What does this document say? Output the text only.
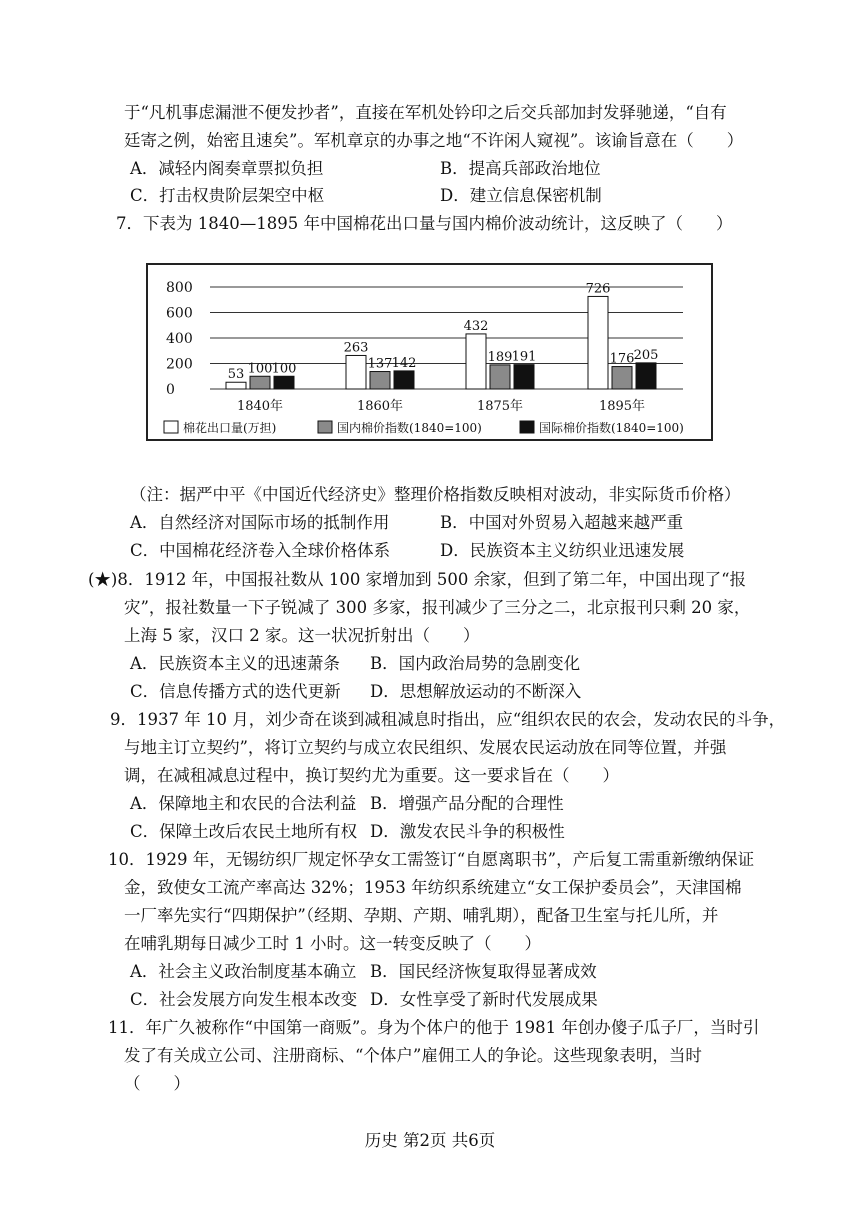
于“凡机事虑漏泄不便发抄者”，直接在军机处钤印之后交兵部加封发驿驰递，“自有
廷寄之例，始密且速矣”。军机章京的办事之地“不许闲人窥视”。该谕旨意在（　　）
A．减轻内阁奏章票拟负担	B．提高兵部政治地位
C．打击权贵阶层架空中枢	D．建立信息保密机制
7．下表为 1840—1895 年中国棉花出口量与国内棉价波动统计，这反映了（　　）
800
600
400
200
0
53 100 100
1840年
263
137 142
1860年
432
189 191
1875年
726
176 205
1895年
棉花出口量(万担)	国内棉价指数(1840=100)	国际棉价指数(1840=100)
（注：据严中平《中国近代经济史》整理价格指数反映相对波动，非实际货币价格）
A．自然经济对国际市场的抵制作用	B．中国对外贸易入超越来越严重
C．中国棉花经济卷入全球价格体系	D．民族资本主义纺织业迅速发展
(★)8．1912 年，中国报社数从 100 家增加到 500 余家，但到了第二年，中国出现了“报
灾”，报社数量一下子锐减了 300 多家，报刊减少了三分之二，北京报刊只剩 20 家，
上海 5 家，汉口 2 家。这一状况折射出（　　）
A．民族资本主义的迅速萧条 B．国内政治局势的急剧变化
C．信息传播方式的迭代更新 D．思想解放运动的不断深入
9．1937 年 10 月，刘少奇在谈到减租减息时指出，应“组织农民的农会，发动农民的斗争，
与地主订立契约”，将订立契约与成立农民组织、发展农民运动放在同等位置，并强
调，在减租减息过程中，换订契约尤为重要。这一要求旨在（　　）
A．保障地主和农民的合法利益 B．增强产品分配的合理性
C．保障土改后农民土地所有权 D．激发农民斗争的积极性
10．1929 年，无锡纺织厂规定怀孕女工需签订“自愿离职书”，产后复工需重新缴纳保证
金，致使女工流产率高达 32%；1953 年纺织系统建立“女工保护委员会”，天津国棉
一厂率先实行“四期保护”（经期、孕期、产期、哺乳期），配备卫生室与托儿所，并
在哺乳期每日减少工时 1 小时。这一转变反映了（　　）
A．社会主义政治制度基本确立 B．国民经济恢复取得显著成效
C．社会发展方向发生根本改变 D．女性享受了新时代发展成果
11．年广久被称作“中国第一商贩”。身为个体户的他于 1981 年创办傻子瓜子厂，当时引
发了有关成立公司、注册商标、“个体户”雇佣工人的争论。这些现象表明，当时
（　　）
历史 第2页 共6页
